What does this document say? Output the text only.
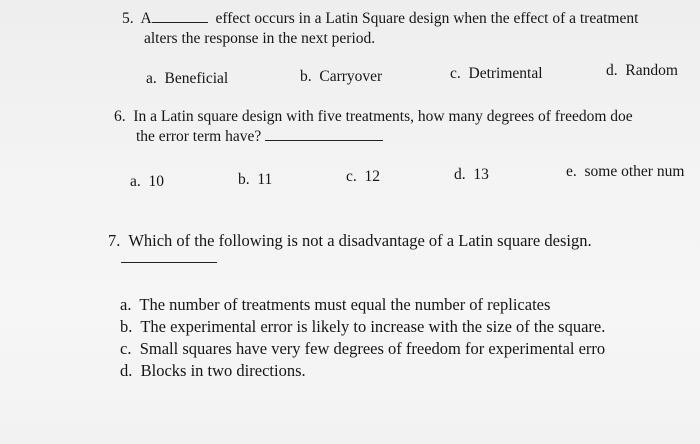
5. A	effect occurs in a Latin Square design when the effect of a treatment
alters the response in the next period.
a. Beneficial	b. Carryover	c. Detrimental	d. Random
6. In a Latin square design with five treatments, how many degrees of freedom doe
the error term have?
a. 10	b. 11	c. 12	d. 13	e. some other num
7. Which of the following is not a disadvantage of a Latin square design.
a. The number of treatments must equal the number of replicates
b. The experimental error is likely to increase with the size of the square.
c. Small squares have very few degrees of freedom for experimental erro
d. Blocks in two directions.
